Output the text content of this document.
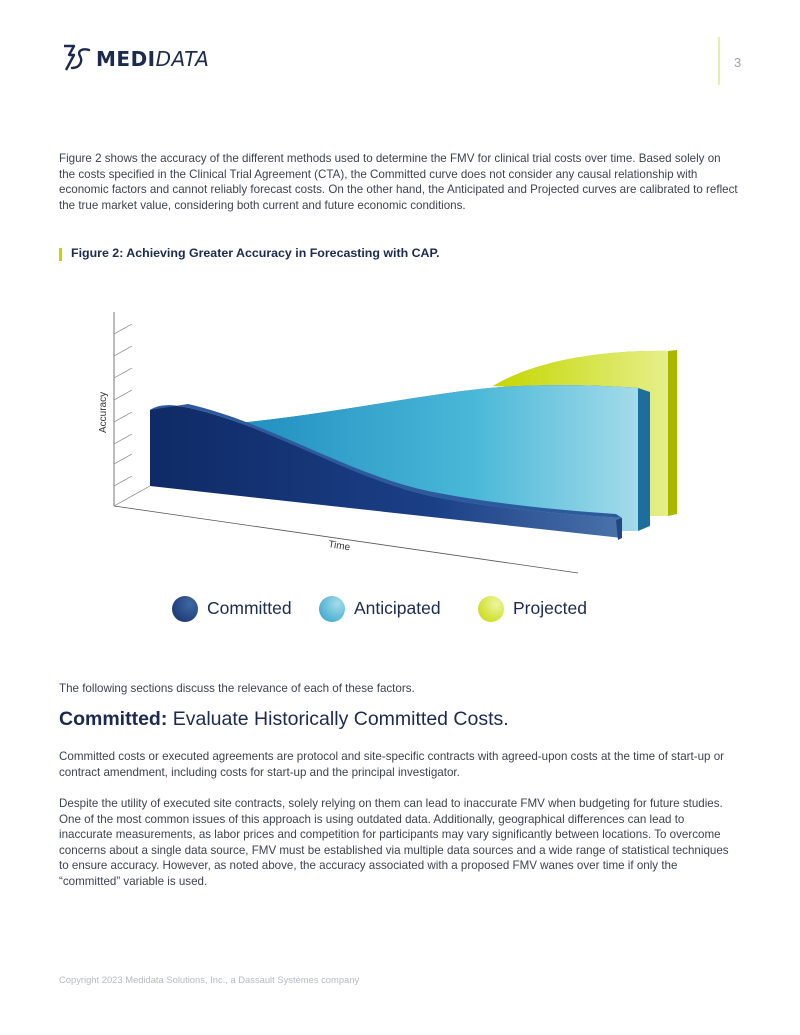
MEDIDATA	3

Figure 2 shows the accuracy of the different methods used to determine the FMV for clinical trial costs over time. Based solely on the costs specified in the Clinical Trial Agreement (CTA), the Committed curve does not consider any causal relationship with economic factors and cannot reliably forecast costs. On the other hand, the Anticipated and Projected curves are calibrated to reflect the true market value, considering both current and future economic conditions.

Figure 2: Achieving Greater Accuracy in Forecasting with CAP.
Accuracy
Time
Committed	Anticipated	Projected

The following sections discuss the relevance of each of these factors.

Committed: Evaluate Historically Committed Costs.

Committed costs or executed agreements are protocol and site-specific contracts with agreed-upon costs at the time of start-up or contract amendment, including costs for start-up and the principal investigator.

Despite the utility of executed site contracts, solely relying on them can lead to inaccurate FMV when budgeting for future studies. One of the most common issues of this approach is using outdated data. Additionally, geographical differences can lead to inaccurate measurements, as labor prices and competition for participants may vary significantly between locations. To overcome concerns about a single data source, FMV must be established via multiple data sources and a wide range of statistical techniques to ensure accuracy. However, as noted above, the accuracy associated with a proposed FMV wanes over time if only the “committed” variable is used.

Copyright 2023 Medidata Solutions, Inc., a Dassault Systèmes company
